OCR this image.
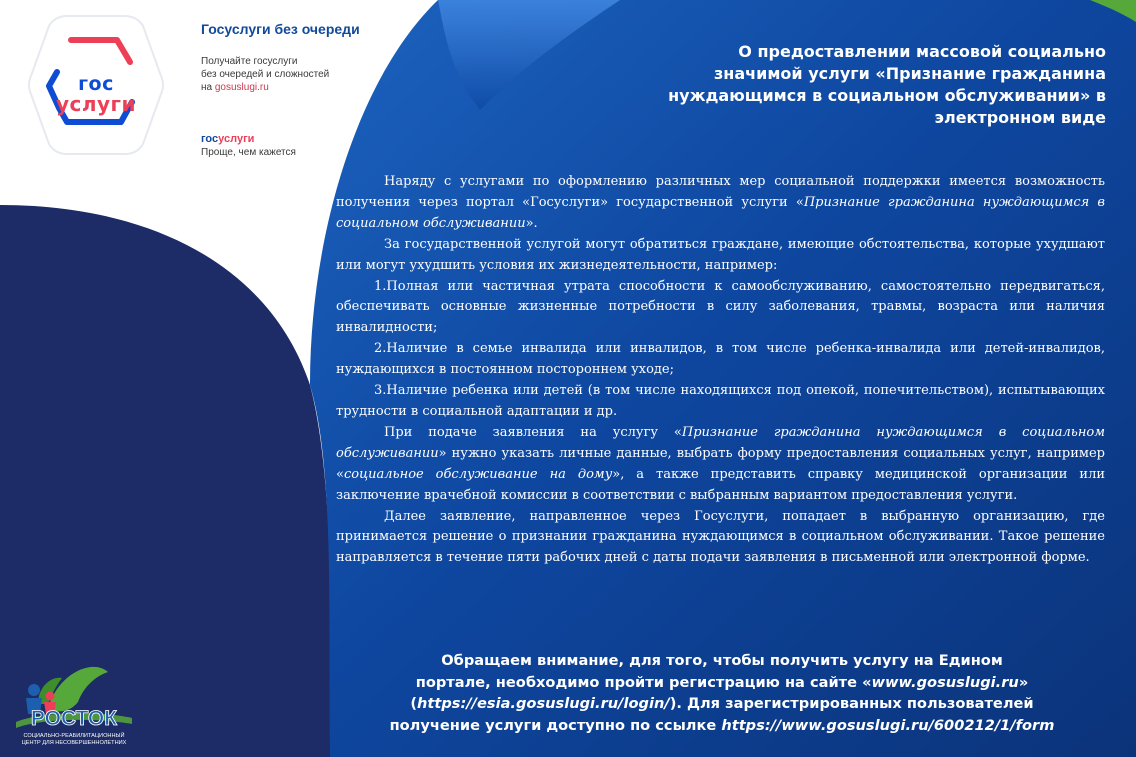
гос
услуги
Госуслуги без очереди
Получайте госуслуги
без очередей и сложностей
на gosuslugi.ru
госуслуги
Проще, чем кажется
О предоставлении массовой социально
значимой услуги «Признание гражданина
нуждающимся в социальном обслуживании» в
электронном виде

Наряду с услугами по оформлению различных мер социальной поддержки имеется возможность получения через портал «Госуслуги» государственной услуги «Признание гражданина нуждающимся в социальном обслуживании».

За государственной услугой могут обратиться граждане, имеющие обстоятельства, которые ухудшают или могут ухудшить условия их жизнедеятельности, например:

1.Полная или частичная утрата способности к самообслуживанию, самостоятельно передвигаться, обеспечивать основные жизненные потребности в силу заболевания, травмы, возраста или наличия инвалидности;

2.Наличие в семье инвалида или инвалидов, в том числе ребенка-инвалида или детей-инвалидов, нуждающихся в постоянном постороннем уходе;

3.Наличие ребенка или детей (в том числе находящихся под опекой, попечительством), испытывающих трудности в социальной адаптации и др.

При подаче заявления на услугу «Признание гражданина нуждающимся в социальном обслуживании» нужно указать личные данные, выбрать форму предоставления социальных услуг, например «социальное обслуживание на дому», а также представить справку медицинской организации или заключение врачебной комиссии в соответствии с выбранным вариантом предоставления услуги.

Далее заявление, направленное через Госуслуги, попадает в выбранную организацию, где принимается решение о признании гражданина нуждающимся в социальном обслуживании. Такое решение направляется в течение пяти рабочих дней с даты подачи заявления в письменной или электронной форме.

Обращаем внимание, для того, чтобы получить услугу на Едином

портале, необходимо пройти регистрацию на сайте «www.gosuslugi.ru»

(https://esia.gosuslugi.ru/login/). Для зарегистрированных пользователей

получение услуги доступно по ссылке https://www.gosuslugi.ru/600212/1/form

РОСТОК
СОЦИАЛЬНО-РЕАБИЛИТАЦИОННЫЙ
ЦЕНТР ДЛЯ НЕСОВЕРШЕННОЛЕТНИХ
